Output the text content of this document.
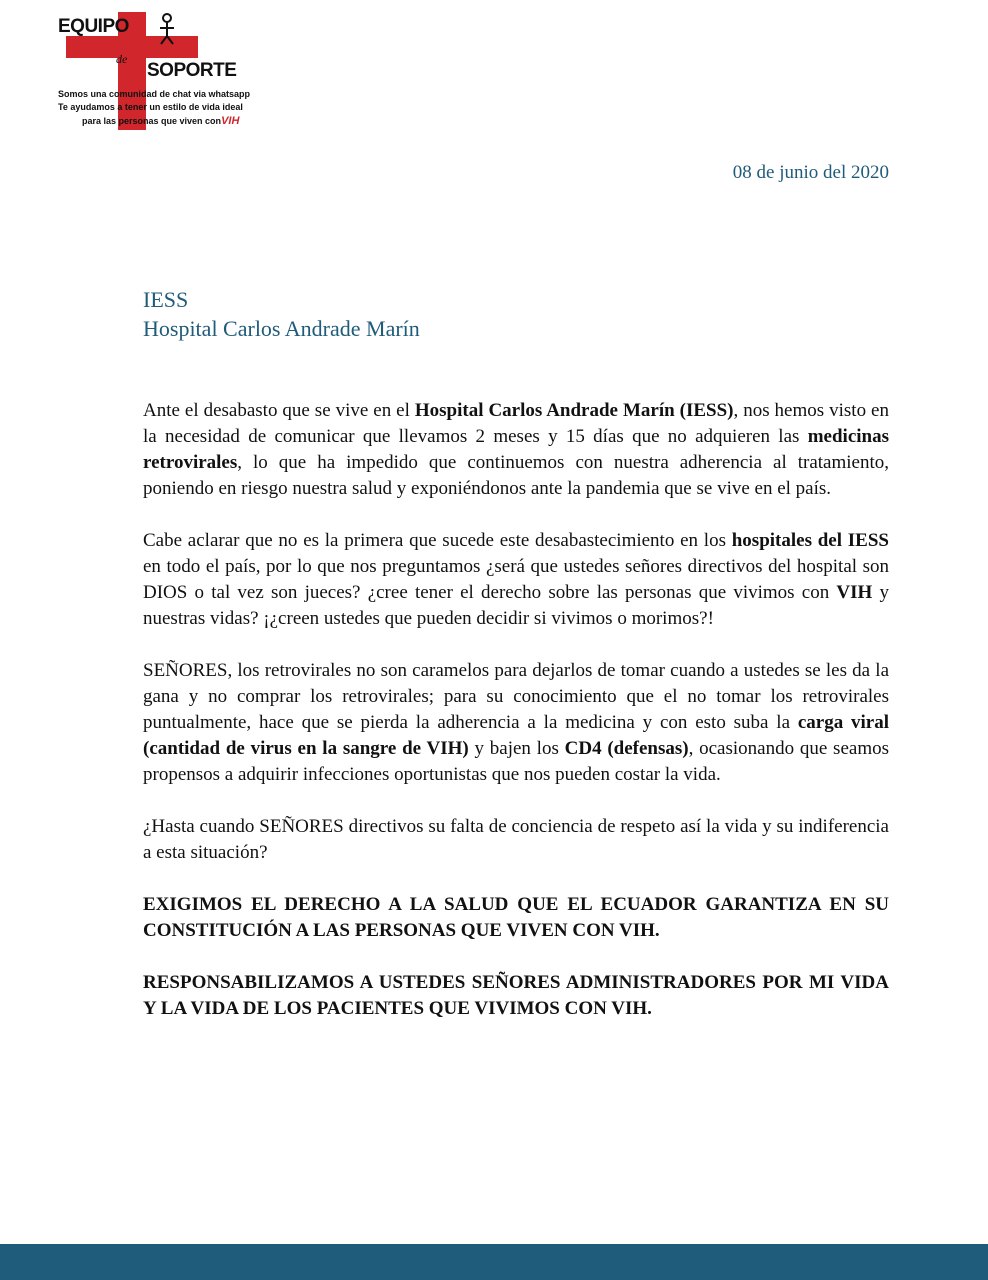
EQUIPO
de
SOPORTE
Somos una comunidad de chat via whatsapp
Te ayudamos a tener un estilo de vida ideal
para las personas que viven conVIH
08 de junio del 2020
IESS
Hospital Carlos Andrade Marín

Ante el desabasto que se vive en el Hospital Carlos Andrade Marín (IESS), nos hemos visto en la necesidad de comunicar que llevamos 2 meses y 15 días que no adquieren las medicinas retrovirales, lo que ha impedido que continuemos con nuestra adherencia al tratamiento, poniendo en riesgo nuestra salud y exponiéndonos ante la pandemia que se vive en el país.

Cabe aclarar que no es la primera que sucede este desabastecimiento en los hospitales del IESS en todo el país, por lo que nos preguntamos ¿será que ustedes señores directivos del hospital son DIOS o tal vez son jueces? ¿cree tener el derecho sobre las personas que vivimos con VIH y nuestras vidas? ¡¿creen ustedes que pueden decidir si vivimos o morimos?!

SEÑORES, los retrovirales no son caramelos para dejarlos de tomar cuando a ustedes se les da la gana y no comprar los retrovirales; para su conocimiento que el no tomar los retrovirales puntualmente, hace que se pierda la adherencia a la medicina y con esto suba la carga viral (cantidad de virus en la sangre de VIH) y bajen los CD4 (defensas), ocasionando que seamos propensos a adquirir infecciones oportunistas que nos pueden costar la vida.

¿Hasta cuando SEÑORES directivos su falta de conciencia de respeto así la vida y su indiferencia a esta situación?

EXIGIMOS EL DERECHO A LA SALUD QUE EL ECUADOR GARANTIZA EN SU CONSTITUCIÓN A LAS PERSONAS QUE VIVEN CON VIH.

RESPONSABILIZAMOS A USTEDES SEÑORES ADMINISTRADORES POR MI VIDA Y LA VIDA DE LOS PACIENTES QUE VIVIMOS CON VIH.
